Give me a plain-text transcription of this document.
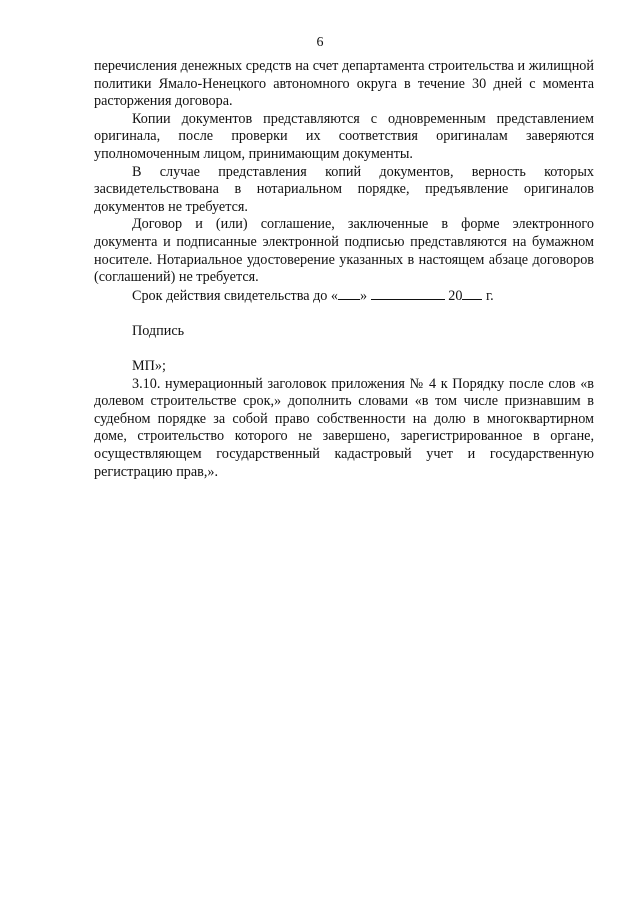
6

перечисления денежных средств на счет департамента строительства и жилищной политики Ямало-Ненецкого автономного округа в течение 30 дней с момента расторжения договора.

Копии документов представляются с одновременным представлением оригинала, после проверки их соответствия оригиналам заверяются уполномоченным лицом, принимающим документы.

В случае представления копий документов, верность которых засвидетельствована в нотариальном порядке, предъявление оригиналов документов не требуется.

Договор и (или) соглашение, заключенные в форме электронного документа и подписанные электронной подписью представляются на бумажном носителе. Нотариальное удостоверение указанных в настоящем абзаце договоров (соглашений) не требуется.

Срок действия свидетельства до « »	20 г.

Подпись

МП»;

3.10. нумерационный заголовок приложения № 4 к Порядку после слов «в долевом строительстве срок,» дополнить словами «в том числе признавшим в судебном порядке за собой право собственности на долю в многоквартирном доме, строительство которого не завершено, зарегистрированное в органе, осуществляющем государственный кадастровый учет и государственную регистрацию прав,».
